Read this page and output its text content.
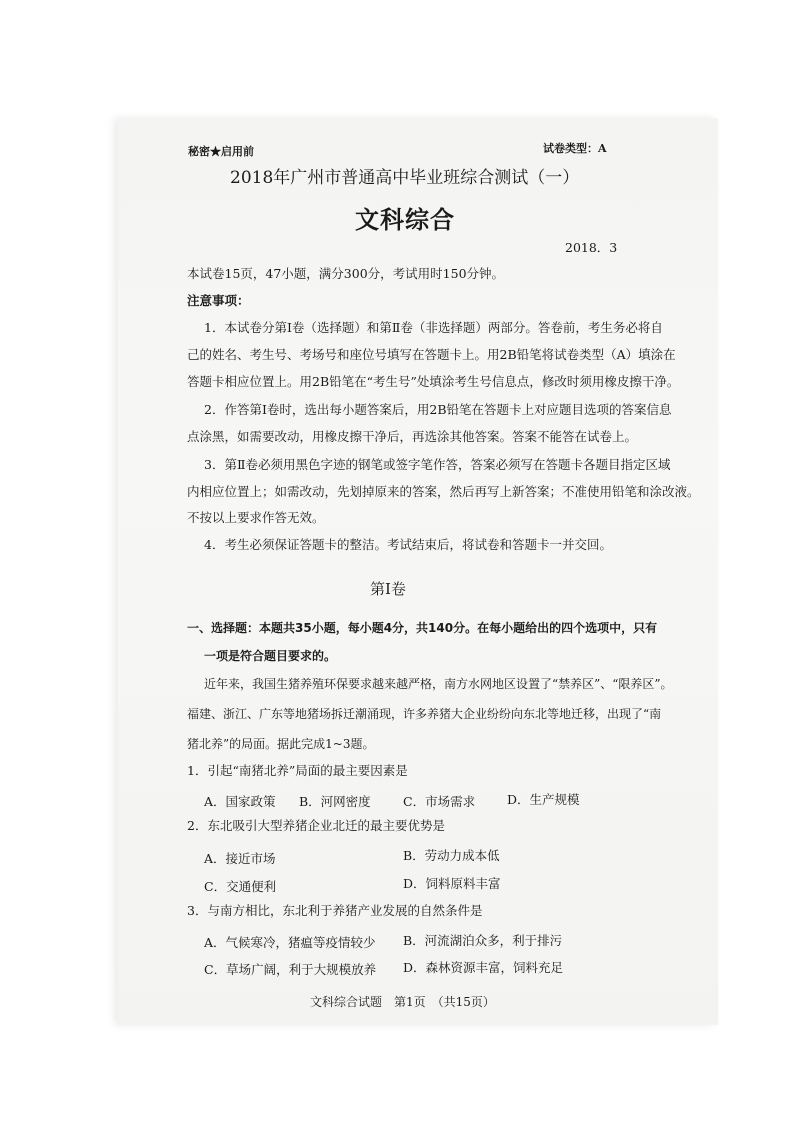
秘密★启用前	试卷类型：A
2018年广州市普通高中毕业班综合测试（一）
文科综合
2018．3
本试卷15页，47小题，满分300分，考试用时150分钟。
注意事项：
1．本试卷分第Ⅰ卷（选择题）和第Ⅱ卷（非选择题）两部分。答卷前，考生务必将自
己的姓名、考生号、考场号和座位号填写在答题卡上。用2B铅笔将试卷类型（A）填涂在
答题卡相应位置上。用2B铅笔在“考生号”处填涂考生号信息点，修改时须用橡皮擦干净。
2．作答第Ⅰ卷时，选出每小题答案后，用2B铅笔在答题卡上对应题目选项的答案信息
点涂黑，如需要改动，用橡皮擦干净后，再选涂其他答案。答案不能答在试卷上。
3．第Ⅱ卷必须用黑色字迹的钢笔或签字笔作答，答案必须写在答题卡各题目指定区域
内相应位置上；如需改动，先划掉原来的答案，然后再写上新答案；不准使用铅笔和涂改液。
不按以上要求作答无效。
4．考生必须保证答题卡的整洁。考试结束后，将试卷和答题卡一并交回。
第Ⅰ卷
一、选择题：本题共35小题，每小题4分，共140分。在每小题给出的四个选项中，只有
一项是符合题目要求的。
近年来，我国生猪养殖环保要求越来越严格，南方水网地区设置了“禁养区”、“限养区”。
福建、浙江、广东等地猪场拆迁潮涌现，许多养猪大企业纷纷向东北等地迁移，出现了“南
猪北养”的局面。据此完成1~3题。
1．引起“南猪北养”局面的最主要因素是
A．国家政策 B．河网密度	C．市场需求	D．生产规模
2．东北吸引大型养猪企业北迁的最主要优势是
A．接近市场	B．劳动力成本低
C．交通便利	D．饲料原料丰富
3．与南方相比，东北利于养猪产业发展的自然条件是
A．气候寒冷，猪瘟等疫情较少 B．河流湖泊众多，利于排污
C．草场广阔，利于大规模放养 D．森林资源丰富，饲料充足
文科综合试题　第1页　（共15页）
